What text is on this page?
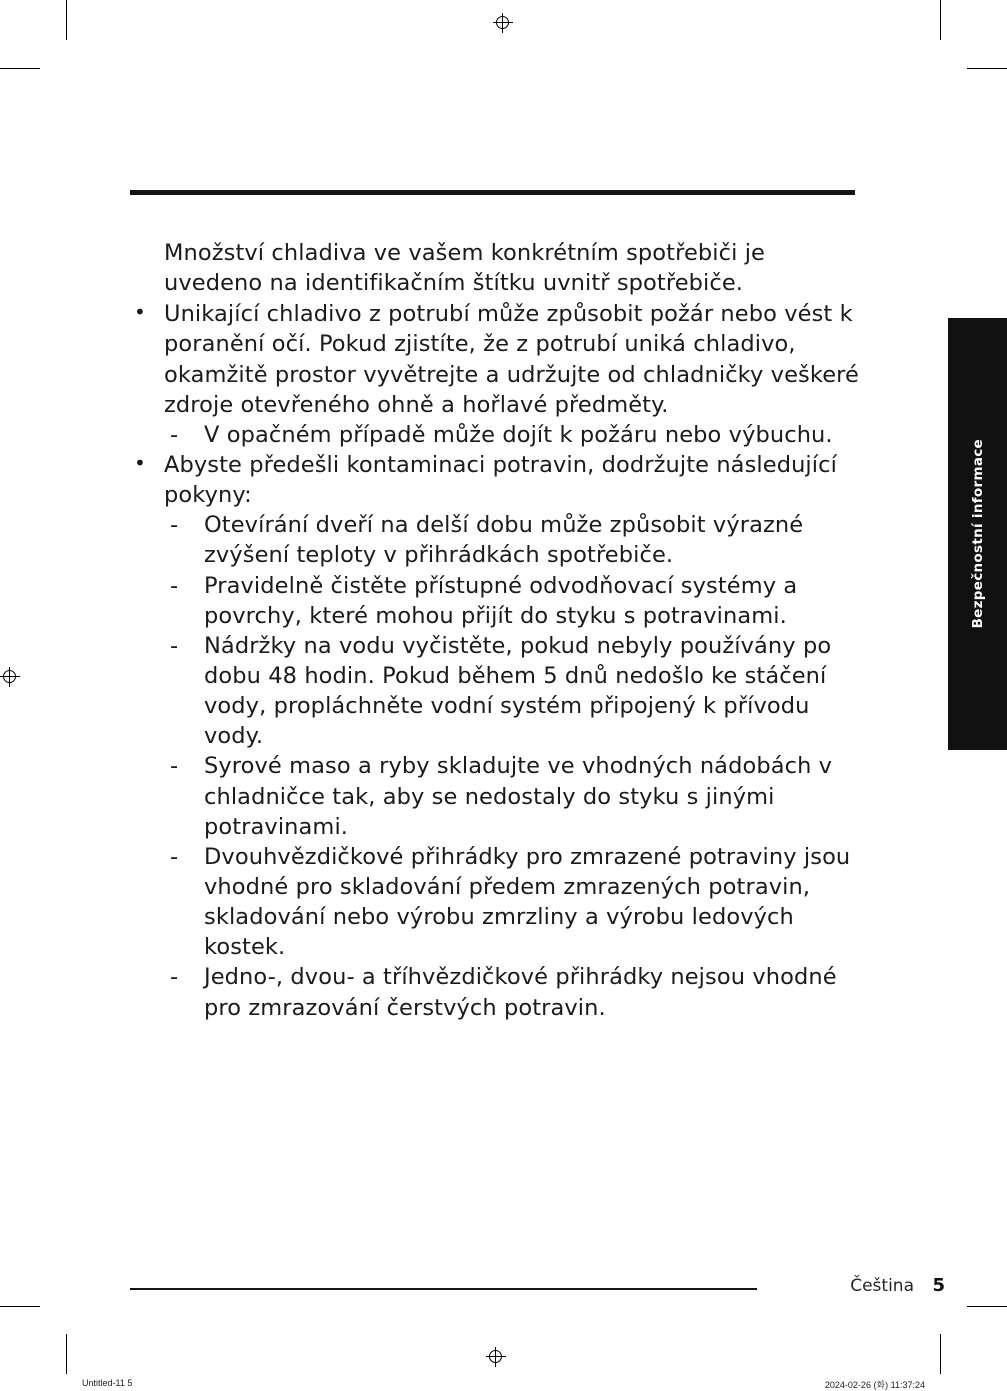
Bezpečnostní informace

Množství chladiva ve vašem konkrétním spotřebiči je uvedeno na identifikačním štítku uvnitř spotřebiče.

• Unikající chladivo z potrubí může způsobit požár nebo vést k poranění očí. Pokud zjistíte, že z potrubí uniká chladivo, okamžitě prostor vyvětrejte a udržujte od chladničky veškeré zdroje otevřeného ohně a hořlavé předměty.
- V opačném případě může dojít k požáru nebo výbuchu.
• Abyste předešli kontaminaci potravin, dodržujte následující pokyny:
- Otevírání dveří na delší dobu může způsobit výrazné zvýšení teploty v přihrádkách spotřebiče.
- Pravidelně čistěte přístupné odvodňovací systémy a povrchy, které mohou přijít do styku s potravinami.
- Nádržky na vodu vyčistěte, pokud nebyly používány po dobu 48 hodin. Pokud během 5 dnů nedošlo ke stáčení vody, propláchněte vodní systém připojený k přívodu vody.
- Syrové maso a ryby skladujte ve vhodných nádobách v chladničce tak, aby se nedostaly do styku s jinými potravinami.
- Dvouhvězdičkové přihrádky pro zmrazené potraviny jsou vhodné pro skladování předem zmrazených potravin, skladování nebo výrobu zmrzliny a výrobu ledových kostek.
- Jedno-, dvou- a tříhvězdičkové přihrádky nejsou vhodné pro zmrazování čerstvých potravin.
Čeština 5
Untitled-11 5	2024-02-26 (화) 11:37:24
